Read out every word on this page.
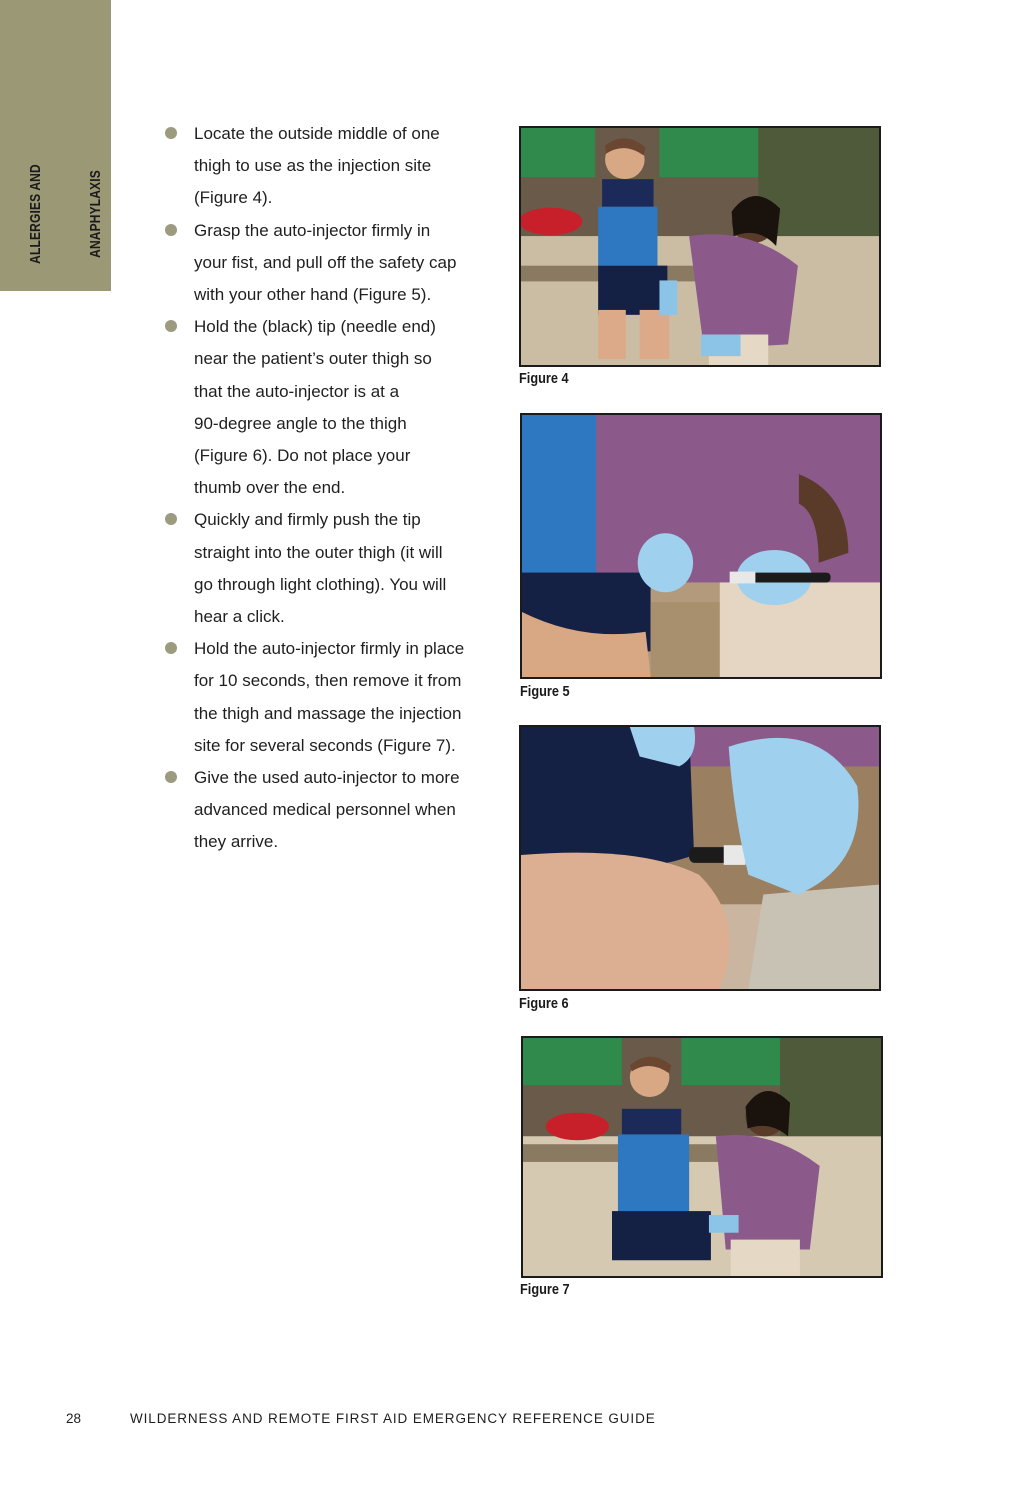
ALLERGIES AND

	ANAPHYLAXIS

Locate the outside middle of one
thigh to use as the injection site
(Figure 4).
Grasp the auto-injector firmly in
your fist, and pull off the safety cap
with your other hand (Figure 5).
Hold the (black) tip (needle end)
near the patient’s outer thigh so
that the auto-injector is at a
90-degree angle to the thigh
(Figure 6). Do not place your
thumb over the end.
Quickly and firmly push the tip
straight into the outer thigh (it will
go through light clothing). You will
hear a click.
Hold the auto-injector firmly in place
for 10 seconds, then remove it from
the thigh and massage the injection
site for several seconds (Figure 7).
Give the used auto-injector to more
advanced medical personnel when
they arrive.
Figure 4
Figure 5
Figure 6
Figure 7
28	WILDERNESS AND REMOTE FIRST AID EMERGENCY REFERENCE GUIDE
